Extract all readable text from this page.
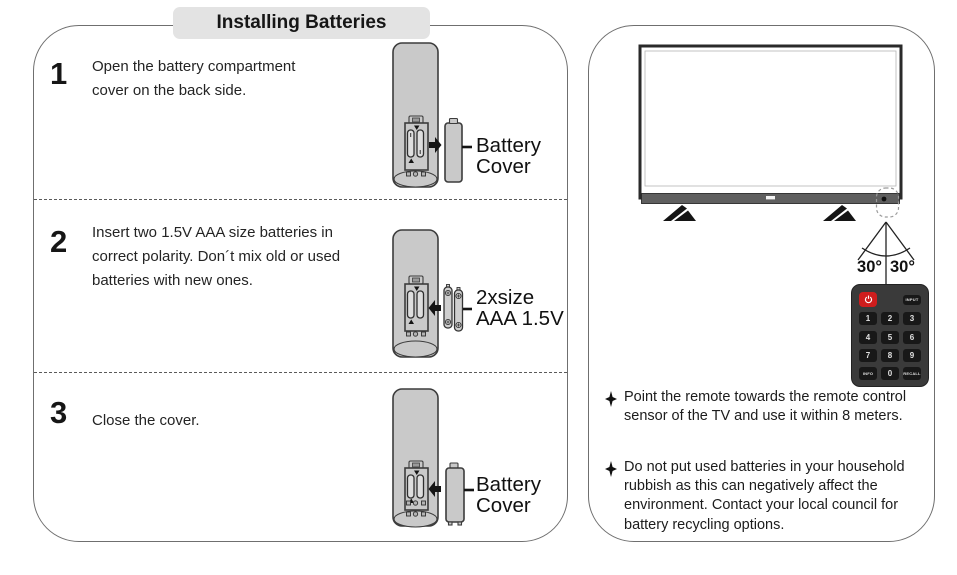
Installing Batteries
1 Open the battery compartment cover on the back side.
2 Insert two 1.5V AAA size batteries in correct polarity. Don´t mix old or used batteries with new ones.
3 Close the cover.
Battery
Cover
2xsize
AAA 1.5V
Battery
Cover
30° 30°
INPUT
1	2	3
4	5	6
7	8	9
INFO	0	RECALL
Point the remote towards the remote control sensor of the TV and use it within 8 meters.
Do not put used batteries in your household rubbish as this can negatively affect the environment. Contact your local council for battery recycling options.
